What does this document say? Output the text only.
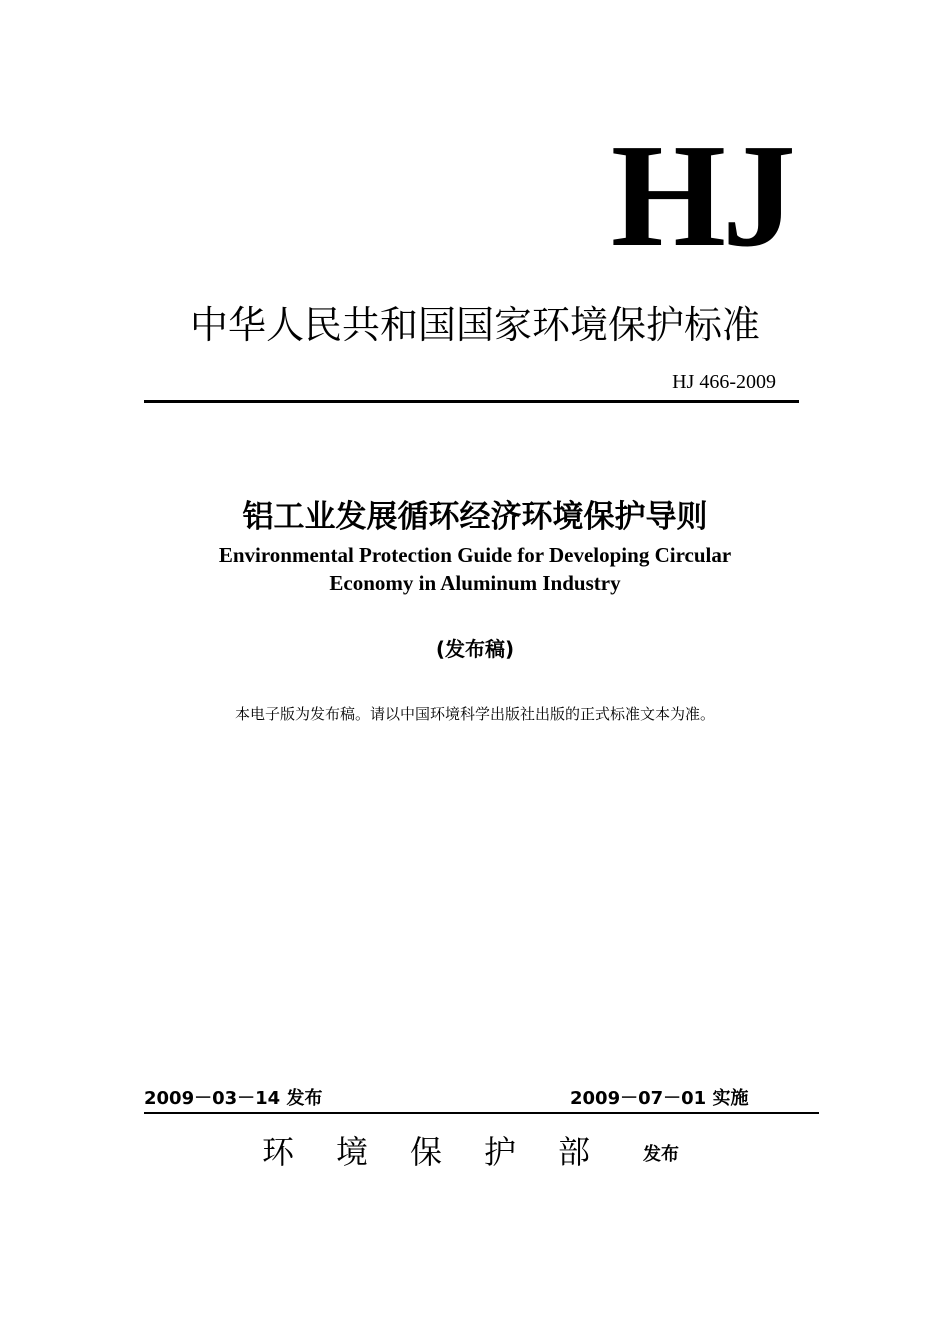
HJ
中华人民共和国国家环境保护标准
HJ 466-2009
铝工业发展循环经济环境保护导则
Environmental Protection Guide for Developing Circular
Economy in Aluminum Industry
(发布稿)
本电子版为发布稿。请以中国环境科学出版社出版的正式标准文本为准。
2009－03－14 发布	2009－07－01 实施
环境保护部 发布
